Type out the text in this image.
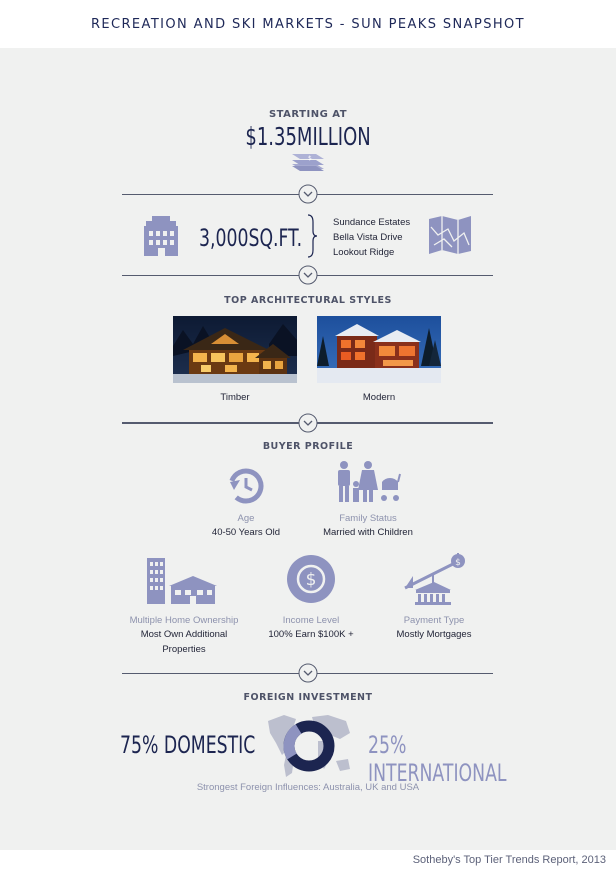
RECREATION AND SKI MARKETS - SUN PEAKS SNAPSHOT
STARTING AT
$1.35MILLION
$
3,000SQ.FT.
Sundance Estates
Bella Vista Drive
Lookout Ridge
TOP ARCHITECTURAL STYLES
Timber	Modern
BUYER PROFILE
Age
40-50 Years Old
Family Status
Married with Children
Multiple Home Ownership
Most Own Additional
Properties
$
Income Level
100% Earn $100K +
$
Payment Type
Mostly Mortgages
FOREIGN INVESTMENT
75% DOMESTIC	25% INTERNATIONAL
Strongest Foreign Influences: Australia, UK and USA
Sotheby's Top Tier Trends Report, 2013
